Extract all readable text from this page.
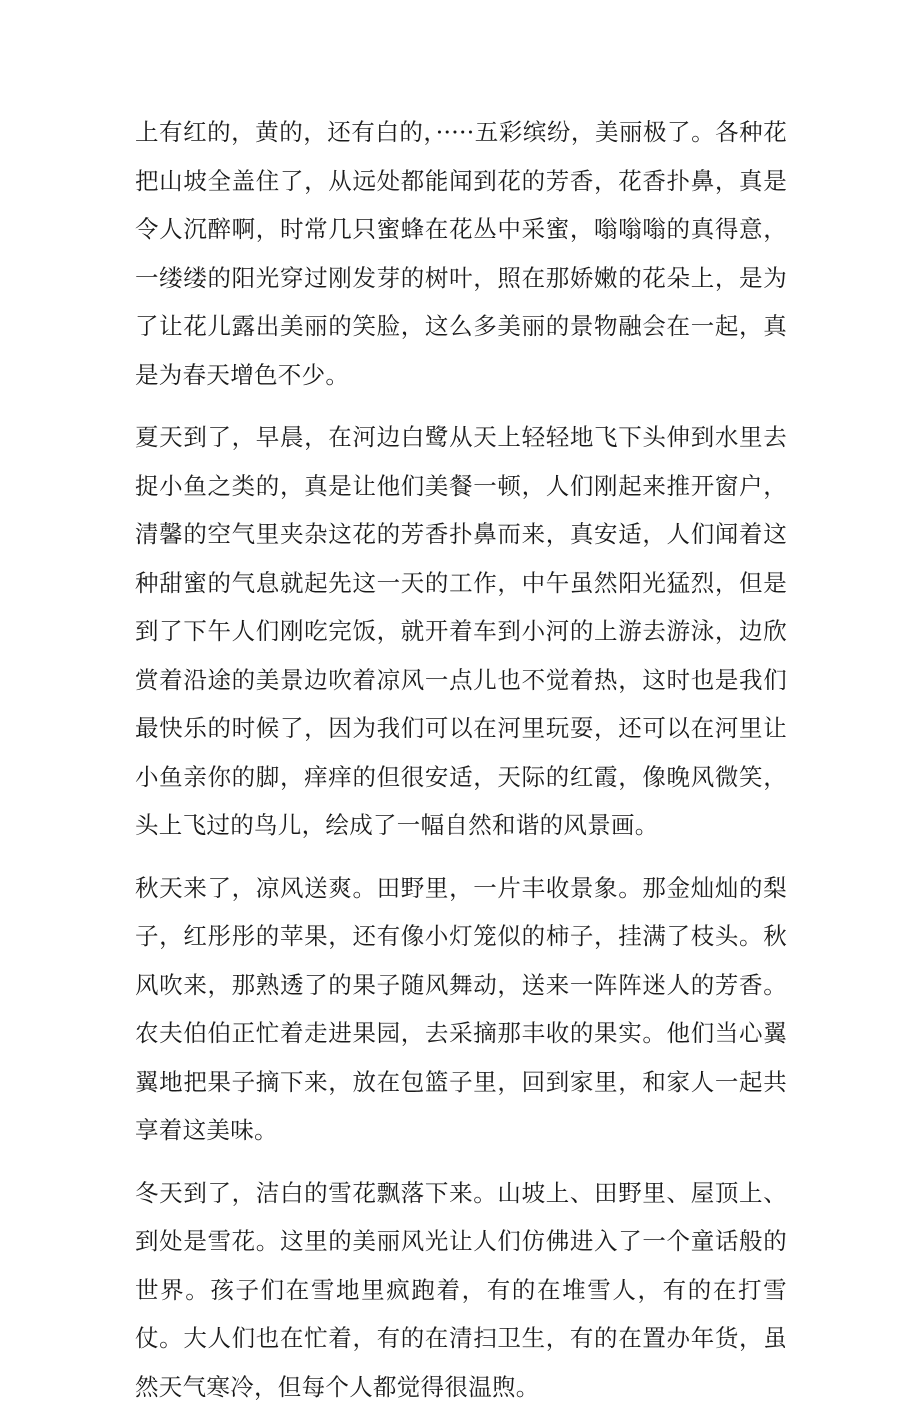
上有红的，黄的，还有白的，·····五彩缤纷，美丽极了。各种花把山坡全盖住了，从远处都能闻到花的芳香，花香扑鼻，真是令人沉醉啊，时常几只蜜蜂在花丛中采蜜，嗡嗡嗡的真得意，一缕缕的阳光穿过刚发芽的树叶，照在那娇嫩的花朵上，是为了让花儿露出美丽的笑脸，这么多美丽的景物融会在一起，真是为春天增色不少。

夏天到了，早晨，在河边白鹭从天上轻轻地飞下头伸到水里去捉小鱼之类的，真是让他们美餐一顿，人们刚起来推开窗户，清馨的空气里夹杂这花的芳香扑鼻而来，真安适，人们闻着这种甜蜜的气息就起先这一天的工作，中午虽然阳光猛烈，但是到了下午人们刚吃完饭，就开着车到小河的上游去游泳，边欣赏着沿途的美景边吹着凉风一点儿也不觉着热，这时也是我们最快乐的时候了，因为我们可以在河里玩耍，还可以在河里让小鱼亲你的脚，痒痒的但很安适，天际的红霞，像晚风微笑，头上飞过的鸟儿，绘成了一幅自然和谐的风景画。

秋天来了，凉风送爽。田野里，一片丰收景象。那金灿灿的梨子，红彤彤的苹果，还有像小灯笼似的柿子，挂满了枝头。秋风吹来，那熟透了的果子随风舞动，送来一阵阵迷人的芳香。农夫伯伯正忙着走进果园，去采摘那丰收的果实。他们当心翼翼地把果子摘下来，放在包篮子里，回到家里，和家人一起共享着这美味。

冬天到了，洁白的雪花飘落下来。山坡上、田野里、屋顶上、到处是雪花。这里的美丽风光让人们仿佛进入了一个童话般的世界。孩子们在雪地里疯跑着，有的在堆雪人，有的在打雪仗。大人们也在忙着，有的在清扫卫生，有的在置办年货，虽然天气寒冷，但每个人都觉得很温煦。
